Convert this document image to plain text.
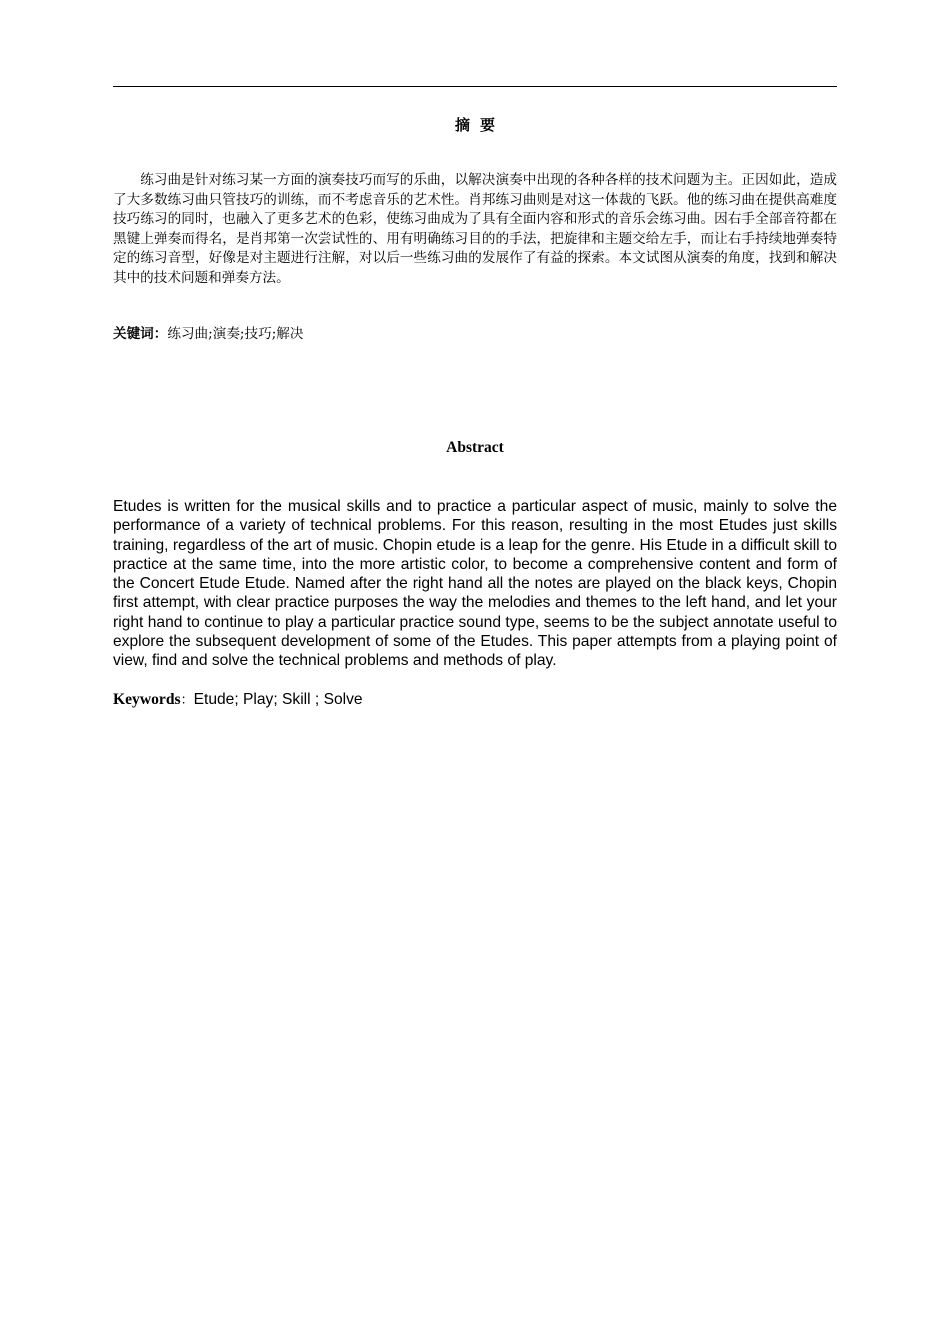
摘要

练习曲是针对练习某一方面的演奏技巧而写的乐曲，以解决演奏中出现的各种各样的技术问题为主。正因如此，造成了大多数练习曲只管技巧的训练，而不考虑音乐的艺术性。肖邦练习曲则是对这一体裁的飞跃。他的练习曲在提供高难度技巧练习的同时，也融入了更多艺术的色彩，使练习曲成为了具有全面内容和形式的音乐会练习曲。因右手全部音符都在黑键上弹奏而得名，是肖邦第一次尝试性的、用有明确练习目的的手法，把旋律和主题交给左手，而让右手持续地弹奏特定的练习音型，好像是对主题进行注解，对以后一些练习曲的发展作了有益的探索。本文试图从演奏的角度，找到和解决其中的技术问题和弹奏方法。

关键词：练习曲;演奏;技巧;解决

Abstract

Etudes is written for the musical skills and to practice a particular aspect of music, mainly to solve the performance of a variety of technical problems. For this reason, resulting in the most Etudes just skills training, regardless of the art of music. Chopin etude is a leap for the genre. His Etude in a difficult skill to practice at the same time, into the more artistic color, to become a comprehensive content and form of the Concert Etude Etude. Named after the right hand all the notes are played on the black keys, Chopin first attempt, with clear practice purposes the way the melodies and themes to the left hand, and let your right hand to continue to play a particular practice sound type, seems to be the subject annotate useful to explore the subsequent development of some of the Etudes. This paper attempts from a playing point of view, find and solve the technical problems and methods of play.

Keywords：Etude; Play; Skill ; Solve
